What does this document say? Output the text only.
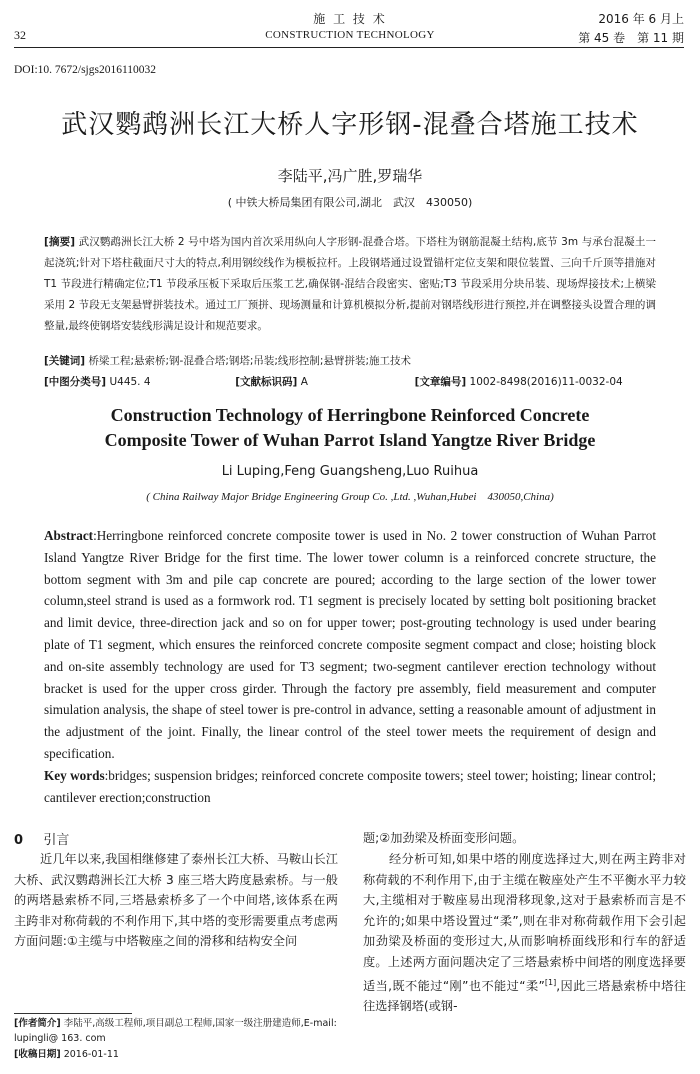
32
施 工 技 术
CONSTRUCTION TECHNOLOGY
2016 年 6 月上
第 45 卷　第 11 期
DOI:10. 7672/sjgs2016110032
武汉鹦鹉洲长江大桥人字形钢-混叠合塔施工技术
李陆平,冯广胜,罗瑞华
( 中铁大桥局集团有限公司,湖北　武汉　430050)
[摘要] 武汉鹦鹉洲长江大桥 2 号中塔为国内首次采用纵向人字形钢-混叠合塔。下塔柱为钢筋混凝土结构,底节 3m 与承台混凝土一起浇筑;针对下塔柱截面尺寸大的特点,利用钢绞线作为模板拉杆。上段钢塔通过设置锚杆定位支架和限位装置、三向千斤顶等措施对 T1 节段进行精确定位;T1 节段承压板下采取后压浆工艺,确保钢-混结合段密实、密贴;T3 节段采用分块吊装、现场焊接技术;上横梁采用 2 节段无支架悬臂拼装技术。通过工厂预拼、现场测量和计算机模拟分析,提前对钢塔线形进行预控,并在调整接头设置合理的调整量,最终使钢塔安装线形满足设计和规范要求。
[关键词] 桥梁工程;悬索桥;钢-混叠合塔;钢塔;吊装;线形控制;悬臂拼装;施工技术
[中图分类号] U445. 4	[文献标识码] A	[文章编号] 1002-8498(2016)11-0032-04
Construction Technology of Herringbone Reinforced Concrete
Composite Tower of Wuhan Parrot Island Yangtze River Bridge
Li Luping,Feng Guangsheng,Luo Ruihua
( China Railway Major Bridge Engineering Group Co. ,Ltd. ,Wuhan,Hubei　430050,China)
Abstract:Herringbone reinforced concrete composite tower is used in No. 2 tower construction of Wuhan Parrot Island Yangtze River Bridge for the first time. The lower tower column is a reinforced concrete structure, the bottom segment with 3m and pile cap concrete are poured; according to the large section of the lower tower column,steel strand is used as a formwork rod. T1 segment is precisely located by setting bolt positioning bracket and limit device, three-direction jack and so on for upper tower; post-grouting technology is used under bearing plate of T1 segment, which ensures the reinforced concrete composite segment compact and close; hoisting block and on-site assembly technology are used for T3 segment; two-segment cantilever erection technology without bracket is used for the upper cross girder. Through the factory pre assembly, field measurement and computer simulation analysis, the shape of steel tower is pre-control in advance, setting a reasonable amount of adjustment in the adjustment of the joint. Finally, the linear control of the steel tower meets the requirement of design and specification.
Key words:bridges; suspension bridges; reinforced concrete composite towers; steel tower; hoisting; linear control; cantilever erection;construction
0 引言
近几年以来,我国相继修建了泰州长江大桥、马鞍山长江大桥、武汉鹦鹉洲长江大桥 3 座三塔大跨度悬索桥。与一般的两塔悬索桥不同,三塔悬索桥多了一个中间塔,该体系在两主跨非对称荷载的不利作用下,其中塔的变形需要重点考虑两方面问题:①主缆与中塔鞍座之间的滑移和结构安全问
[作者简介] 李陆平,高级工程师,项目副总工程师,国家一级注册建造师,E-mail: lupingli@ 163. com
[收稿日期] 2016-01-11
题;②加劲梁及桥面变形问题。
经分析可知,如果中塔的刚度选择过大,则在两主跨非对称荷载的不利作用下,由于主缆在鞍座处产生不平衡水平力较大,主缆相对于鞍座易出现滑移现象,这对于悬索桥而言是不允许的;如果中塔设置过“柔”,则在非对称荷载作用下会引起加劲梁及桥面的变形过大,从而影响桥面线形和行车的舒适度。上述两方面问题决定了三塔悬索桥中间塔的刚度选择要适当,既不能过“刚”也不能过“柔”[1],因此三塔悬索桥中塔往往选择钢塔(或钢-
